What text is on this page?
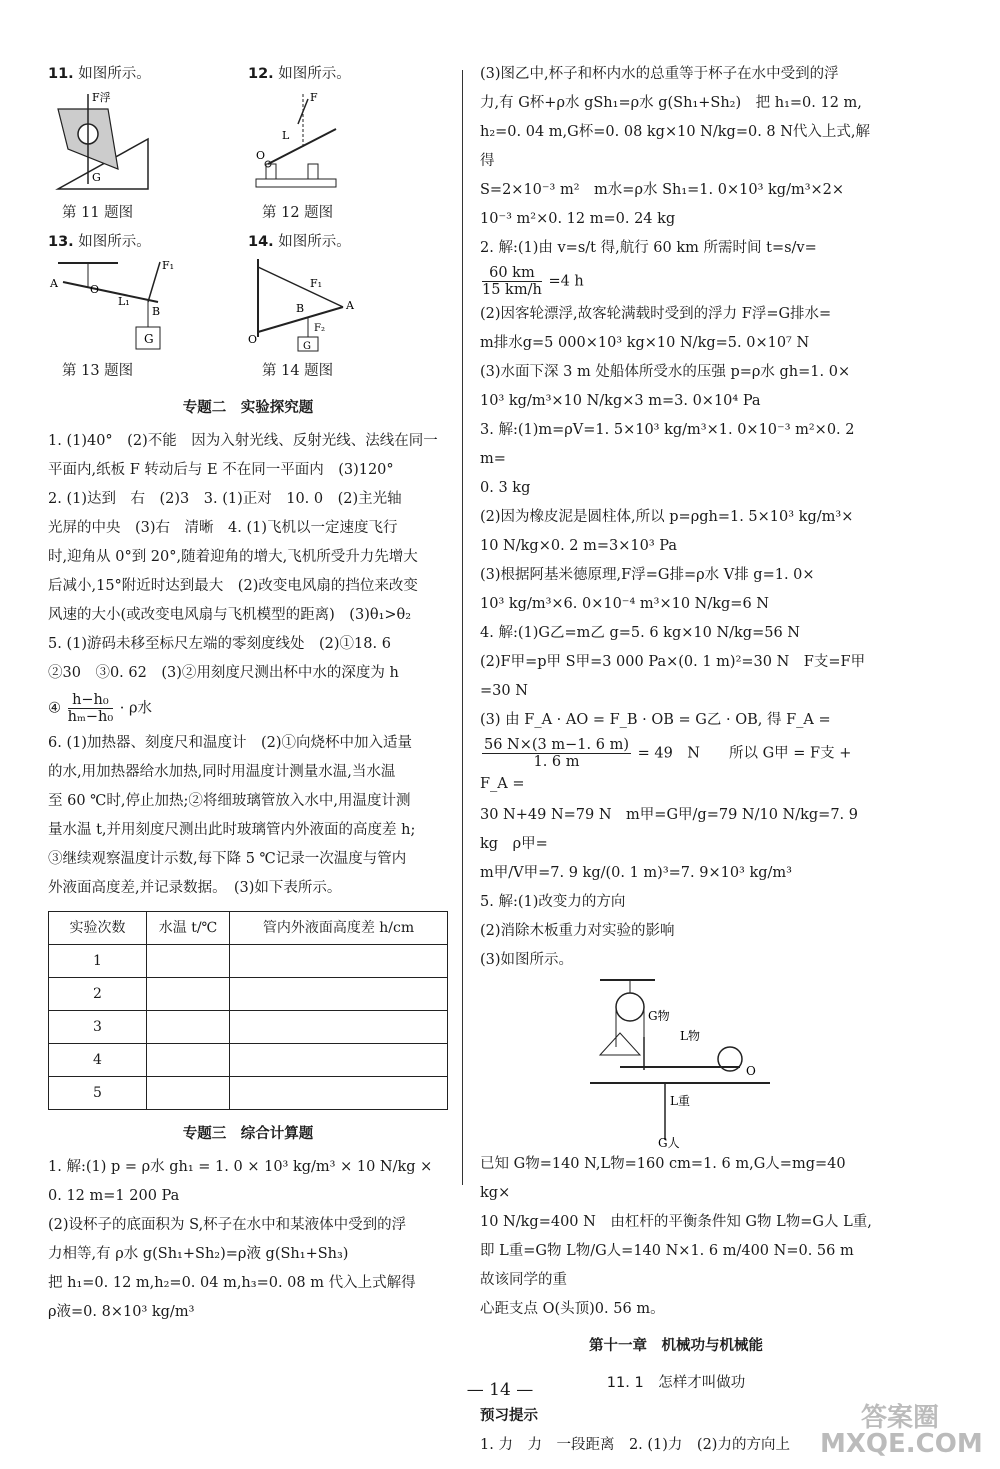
11. 如图所示。

G
F浮

第 11 题图

12. 如图所示。

F
O
L

第 12 题图

13. 如图所示。

G
A	O
B
F₁
L₁

第 13 题图

14. 如图所示。

G
A
B
O
F₁
F₂

第 14 题图

专题二　实验探究题

1. (1)40°　(2)不能　因为入射光线、反射光线、法线在同一

平面内,纸板 F 转动后与 E 不在同一平面内　(3)120°

2. (1)达到　右　(2)3　3. (1)正对　10. 0　(2)主光轴

光屏的中央　(3)右　清晰　4. (1)飞机以一定速度飞行

时,迎角从 0°到 20°,随着迎角的增大,飞机所受升力先增大

后减小,15°附近时达到最大　(2)改变电风扇的挡位来改变

风速的大小(或改变电风扇与飞机模型的距离)　(3)θ₁>θ₂

5. (1)游码未移至标尺左端的零刻度线处　(2)①18. 6

②30　③0. 62　(3)②用刻度尺测出杯中水的深度为 h

④ $\frac{\text{h−h₀}}{\text{hₘ−h₀}} \cdot \rho$水

6. (1)加热器、刻度尺和温度计　(2)①向烧杯中加入适量

的水,用加热器给水加热,同时用温度计测量水温,当水温

至 60 ℃时,停止加热;②将细玻璃管放入水中,用温度计测

量水温 t,并用刻度尺测出此时玻璃管内外液面的高度差 h;

③继续观察温度计示数,每下降 5 ℃记录一次温度与管内

外液面高度差,并记录数据。　(3)如下表所示。

实验次数	水温 t/℃	管内外液面高度差 h/cm
1		
2		
3		
4		
5		

专题三　综合计算题

1. 解:(1) p = ρ水 gh₁ = 1. 0 × 10³ kg/m³ × 10 N/kg ×

0. 12 m=1 200 Pa

(2)设杯子的底面积为 S,杯子在水中和某液体中受到的浮

力相等,有 ρ水 g(Sh₁+Sh₂)=ρ液 g(Sh₁+Sh₃)

把 h₁=0. 12 m,h₂=0. 04 m,h₃=0. 08 m 代入上式解得

ρ液=0. 8×10³ kg/m³

(3)图乙中,杯子和杯内水的总重等于杯子在水中受到的浮

力,有 G杯+ρ水 gSh₁=ρ水 g(Sh₁+Sh₂)　把 h₁=0. 12 m,

h₂=0. 04 m,G杯=0. 08 kg×10 N/kg=0. 8 N代入上式,解得

S=2×10⁻³ m²　m水=ρ水 Sh₁=1. 0×10³ kg/m³×2×

10⁻³ m²×0. 12 m=0. 24 kg

2. 解:(1)由 v=s/t 得,航行 60 km 所需时间 t=s/v=

$\frac{60 km}{15 km/h} =4$ h

(2)因客轮漂浮,故客轮满载时受到的浮力 F浮=G排水=

m排水g=5 000×10³ kg×10 N/kg=5. 0×10⁷ N

(3)水面下深 3 m 处船体所受水的压强 p=ρ水 gh=1. 0×

10³ kg/m³×10 N/kg×3 m=3. 0×10⁴ Pa

3. 解:(1)m=ρV=1. 5×10³ kg/m³×1. 0×10⁻³ m²×0. 2 m=

0. 3 kg

(2)因为橡皮泥是圆柱体,所以 p=ρgh=1. 5×10³ kg/m³×

10 N/kg×0. 2 m=3×10³ Pa

(3)根据阿基米德原理,F浮=G排=ρ水 V排 g=1. 0×

10³ kg/m³×6. 0×10⁻⁴ m³×10 N/kg=6 N

4. 解:(1)G乙=m乙 g=5. 6 kg×10 N/kg=56 N

(2)F甲=p甲 S甲=3 000 Pa×(0. 1 m)²=30 N　F支=F甲=30 N

(3) 由 F_A · AO = F_B · OB = G乙 · OB, 得 F_A =

$\frac{56 N\times(3 m-1. 6 m)}{1. 6 m} = 49$　N　　所以 G甲 = F支 + F_A =

30 N+49 N=79 N　m甲=G甲/g=79 N/10 N/kg=7. 9 kg　ρ甲=

m甲/V甲=7. 9 kg/(0. 1 m)³=7. 9×10³ kg/m³

5. 解:(1)改变力的方向

(2)消除木板重力对实验的影响

(3)如图所示。

G物
L物
O
L重
G人

已知 G物=140 N,L物=160 cm=1. 6 m,G人=mg=40 kg×

10 N/kg=400 N　由杠杆的平衡条件知 G物 L物=G人 L重,

即 L重=G物 L物/G人=140 N×1. 6 m/400 N=0. 56 m　故该同学的重

心距支点 O(头顶)0. 56 m。

第十一章　机械功与机械能

11. 1　怎样才叫做功

预习提示

1. 力　力　一段距离　2. (1)力　(2)力的方向上

— 14 —
答案圈 MXQE.COM
